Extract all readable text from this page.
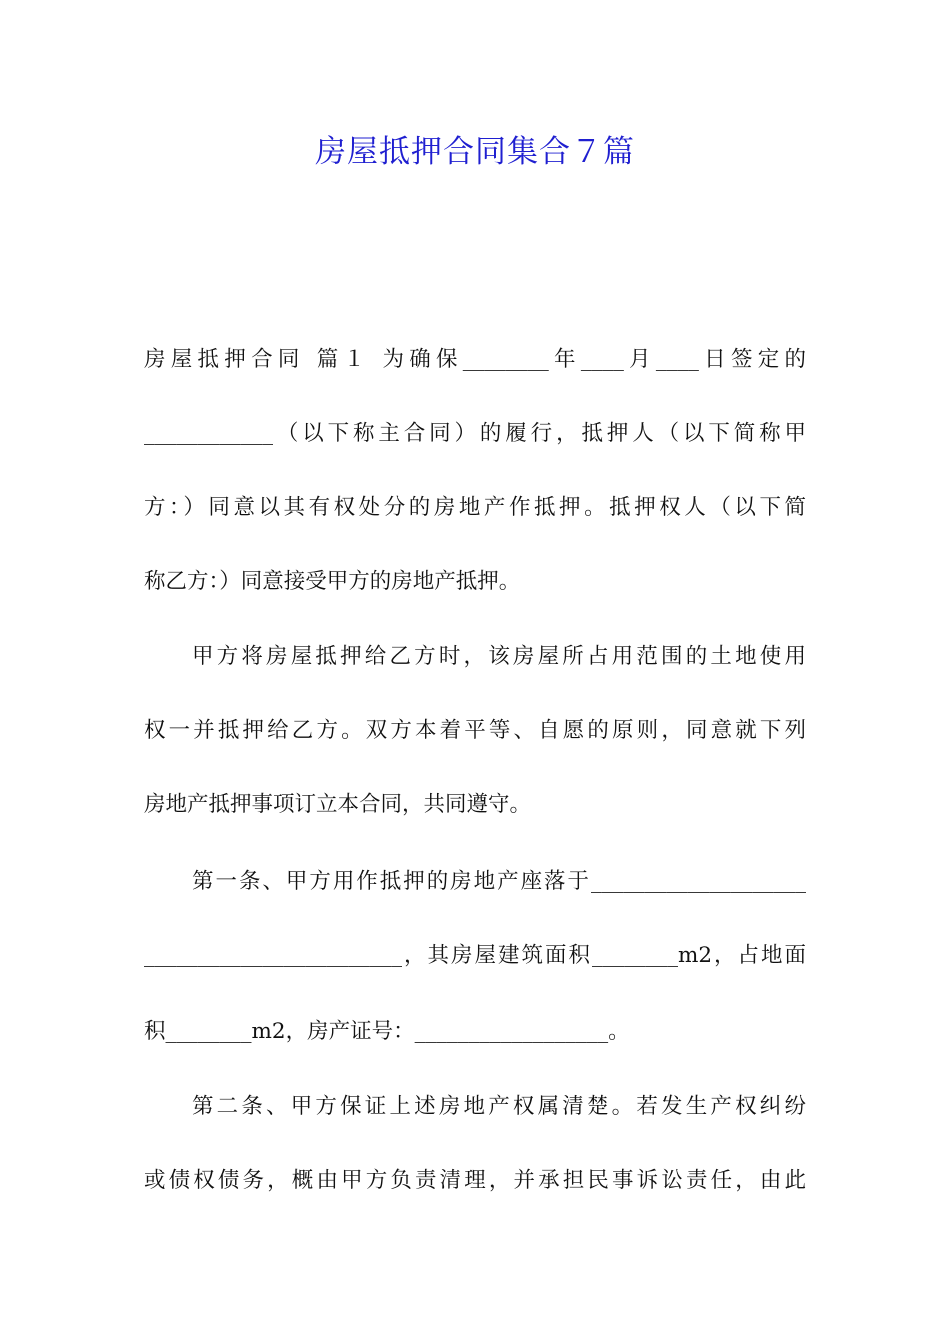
房屋抵押合同集合７篇
房屋抵押合同 篇１ 为确保________年____月____日签定的
____________（以下称主合同）的履行，抵押人（以下简称甲
方：）同意以其有权处分的房地产作抵押。抵押权人（以下简
称乙方：）同意接受甲方的房地产抵押。
甲方将房屋抵押给乙方时，该房屋所占用范围的土地使用
权一并抵押给乙方。双方本着平等、自愿的原则，同意就下列
房地产抵押事项订立本合同，共同遵守。
第一条、甲方用作抵押的房地产座落于____________________
________________________，其房屋建筑面积________m2，占地面
积________m2，房产证号：__________________。
第二条、甲方保证上述房地产权属清楚。若发生产权纠纷
或债权债务，概由甲方负责清理，并承担民事诉讼责任，由此
